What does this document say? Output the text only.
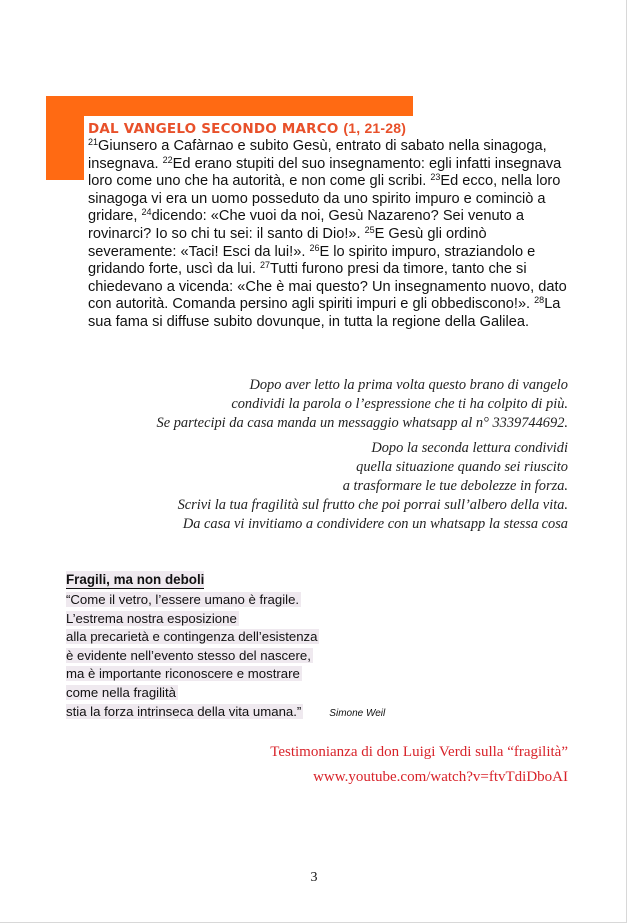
DAL VANGELO SECONDO MARCO (1, 21-28)

$^{21}$Giunsero a Cafàrnao e subito Gesù, entrato di sabato nella sinagoga, insegnava. $^{22}$Ed erano stupiti del suo insegnamento: egli infatti insegnava loro come uno che ha autorità, e non come gli scribi. $^{23}$Ed ecco, nella loro sinagoga vi era un uomo posseduto da uno spirito impuro e cominciò a gridare, $^{24}$dicendo: «Che vuoi da noi, Gesù Nazareno? Sei venuto a rovinarci? Io so chi tu sei: il santo di Dio!». $^{25}$E Gesù gli ordinò severamente: «Taci! Esci da lui!». $^{26}$E lo spirito impuro, straziandolo e gridando forte, uscì da lui. $^{27}$Tutti furono presi da timore, tanto che si chiedevano a vicenda: «Che è mai questo? Un insegnamento nuovo, dato con autorità. Comanda persino agli spiriti impuri e gli obbediscono!». $^{28}$La sua fama si diffuse subito dovunque, in tutta la regione della Galilea.

Dopo aver letto la prima volta questo brano di vangelo
condividi la parola o l’espressione che ti ha colpito di più.
Se partecipi da casa manda un messaggio whatsapp al n° 3339744692.
Dopo la seconda lettura condividi
quella situazione quando sei riuscito
a trasformare le tue debolezze in forza.
Scrivi la tua fragilità sul frutto che poi porrai sull’albero della vita.
Da casa vi invitiamo a condividere con un whatsapp la stessa cosa
Fragili, ma non deboli
“Come il vetro, l’essere umano è fragile.
L’estrema nostra esposizione
alla precarietà e contingenza dell’esistenza
è evidente nell’evento stesso del nascere,
ma è importante riconoscere e mostrare
come nella fragilità
stia la forza intrinseca della vita umana.”	Simone Weil
Testimonianza di don Luigi Verdi sulla “fragilità”
www.youtube.com/watch?v=ftvTdiDboAI
3
